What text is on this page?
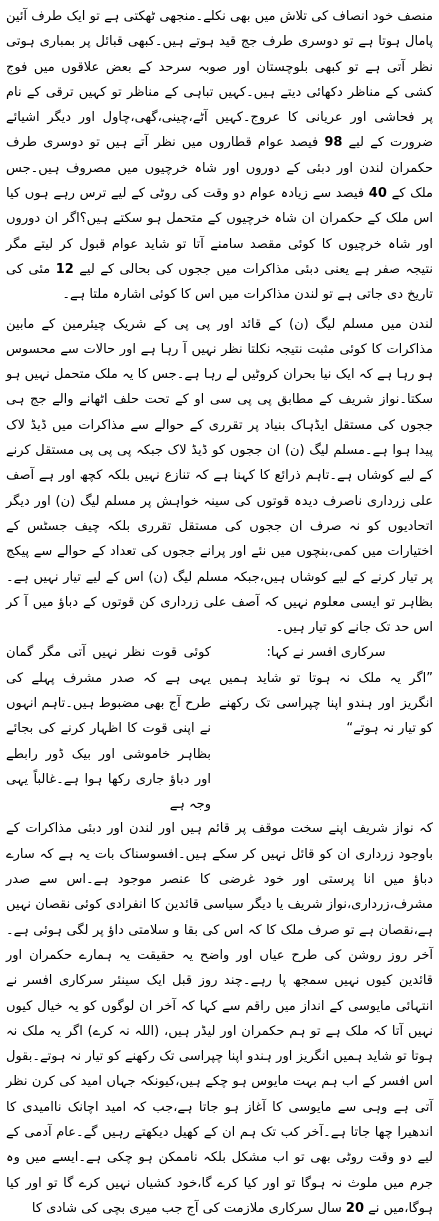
منصف خود انصاف کی تلاش میں بھی نکلے۔منجھی ٹھکتی ہے تو ایک طرف آئین پامال ہوتا ہے تو دوسری طرف جج قید ہوتے ہیں۔کبھی قبائل پر بمباری ہوتی نظر آتی ہے تو کبھی بلوچستان اور صوبہ سرحد کے بعض علاقوں میں فوج کشی کے مناظر دکھائی دیتے ہیں۔کہیں تباہی کے مناظر تو کہیں ترقی کے نام پر فحاشی اور عریانی کا عروج۔کہیں آٹے،چینی،گھی،چاول اور دیگر اشیائے ضرورت کے لیے 98 فیصد عوام قطاروں میں نظر آتے ہیں تو دوسری طرف حکمران لندن اور دبئی کے دوروں اور شاہ خرچیوں میں مصروف ہیں۔جس ملک کے 40 فیصد سے زیادہ عوام دو وقت کی روٹی کے لیے ترس رہے ہوں کیا اس ملک کے حکمران ان شاہ خرچیوں کے متحمل ہو سکتے ہیں؟اگر ان دوروں اور شاہ خرچیوں کا کوئی مقصد سامنے آتا تو شاید عوام قبول کر لیتے مگر نتیجہ صفر ہے یعنی دبئی مذاکرات میں ججوں کی بحالی کے لیے 12 مئی کی تاریخ دی جاتی ہے تو لندن مذاکرات میں اس کا کوئی اشارہ ملتا ہے۔

لندن میں مسلم لیگ (ن) کے قائد اور پی پی کے شریک چیئرمین کے مابین مذاکرات کا کوئی مثبت نتیجہ نکلتا نظر نہیں آ رہا ہے اور حالات سے محسوس ہو رہا ہے کہ ایک نیا بحران کروٹیں لے رہا ہے۔جس کا یہ ملک متحمل نہیں ہو سکتا۔نواز شریف کے مطابق پی پی سی او کے تحت حلف اٹھانے والے جج ہی ججوں کی مستقل ایڈہاک بنیاد پر تقرری کے حوالے سے مذاکرات میں ڈیڈ لاک پیدا ہوا ہے۔مسلم لیگ (ن) ان ججوں کو ڈیڈ لاک جبکہ پی پی پی مستقل کرنے کے لیے کوشاں ہے۔تاہم ذرائع کا کہنا ہے کہ تنازع نہیں بلکہ کچھ اور ہے آصف علی زرداری ناصرف دیدہ قوتوں کی سینہ خواہش پر مسلم لیگ (ن) اور دیگر اتحادیوں کو نہ صرف ان ججوں کی مستقل تقرری بلکہ چیف جسٹس کے اختیارات میں کمی،بنچوں میں نئے اور پرانے ججوں کی تعداد کے حوالے سے پیکج پر تیار کرنے کے لیے کوشاں ہیں،جبکہ مسلم لیگ (ن) اس کے لیے تیار نہیں ہے۔بظاہر تو ایسی معلوم نہیں کہ آصف علی زرداری کن قوتوں کے دباؤ میں آ کر اس حد تک جانے کو تیار ہیں۔

سرکاری افسر نے کہا:
”اگر یہ ملک نہ ہوتا تو شاید ہمیں انگریز اور ہندو اپنا چپراسی تک رکھنے کو تیار نہ ہوتے“
کوئی قوت نظر نہیں آتی مگر گمان یہی ہے کہ صدر مشرف پہلے کی طرح آج بھی مضبوط ہیں۔تاہم انہوں نے اپنی قوت کا اظہار کرنے کی بجائے بظاہر خاموشی اور بیک ڈور رابطے اور دباؤ جاری رکھا ہوا ہے۔غالباً یہی وجہ ہے

کہ نواز شریف اپنے سخت موقف پر قائم ہیں اور لندن اور دبئی مذاکرات کے باوجود زرداری ان کو قائل نہیں کر سکے ہیں۔افسوسناک بات یہ ہے کہ سارے دباؤ میں انا پرستی اور خود غرضی کا عنصر موجود ہے۔اس سے صدر مشرف،زرداری،نواز شریف یا دیگر سیاسی قائدین کا انفرادی کوئی نقصان نہیں ہے،نقصان ہے تو صرف ملک کا کہ اس کی بقا و سلامتی داؤ پر لگی ہوئی ہے۔آخر روز روشن کی طرح عیاں اور واضح یہ حقیقت یہ ہمارے حکمران اور قائدین کیوں نہیں سمجھ پا رہے۔چند روز قبل ایک سینئر سرکاری افسر نے انتہائی مایوسی کے انداز میں راقم سے کہا کہ آخر ان لوگوں کو یہ خیال کیوں نہیں آتا کہ ملک ہے تو ہم حکمران اور لیڈر ہیں، (اللہ نہ کرے) اگر یہ ملک نہ ہوتا تو شاید ہمیں انگریز اور ہندو اپنا چپراسی تک رکھنے کو تیار نہ ہوتے۔بقول اس افسر کے اب ہم بہت مایوس ہو چکے ہیں،کیونکہ جہاں امید کی کرن نظر آتی ہے وہی سے مایوسی کا آغاز ہو جاتا ہے،جب کہ امید اچانک ناامیدی کا اندھیرا چھا جاتا ہے۔آخر کب تک ہم ان کے کھیل دیکھتے رہیں گے۔عام آدمی کے لیے دو وقت روٹی بھی تو اب مشکل بلکہ ناممکن ہو چکی ہے۔ایسے میں وہ جرم میں ملوث نہ ہوگا تو اور کیا کرے گا،خود کشیاں نہیں کرے گا تو اور کیا ہوگا،میں نے 20 سال سرکاری ملازمت کی آج جب میری بچی کی شادی کا
